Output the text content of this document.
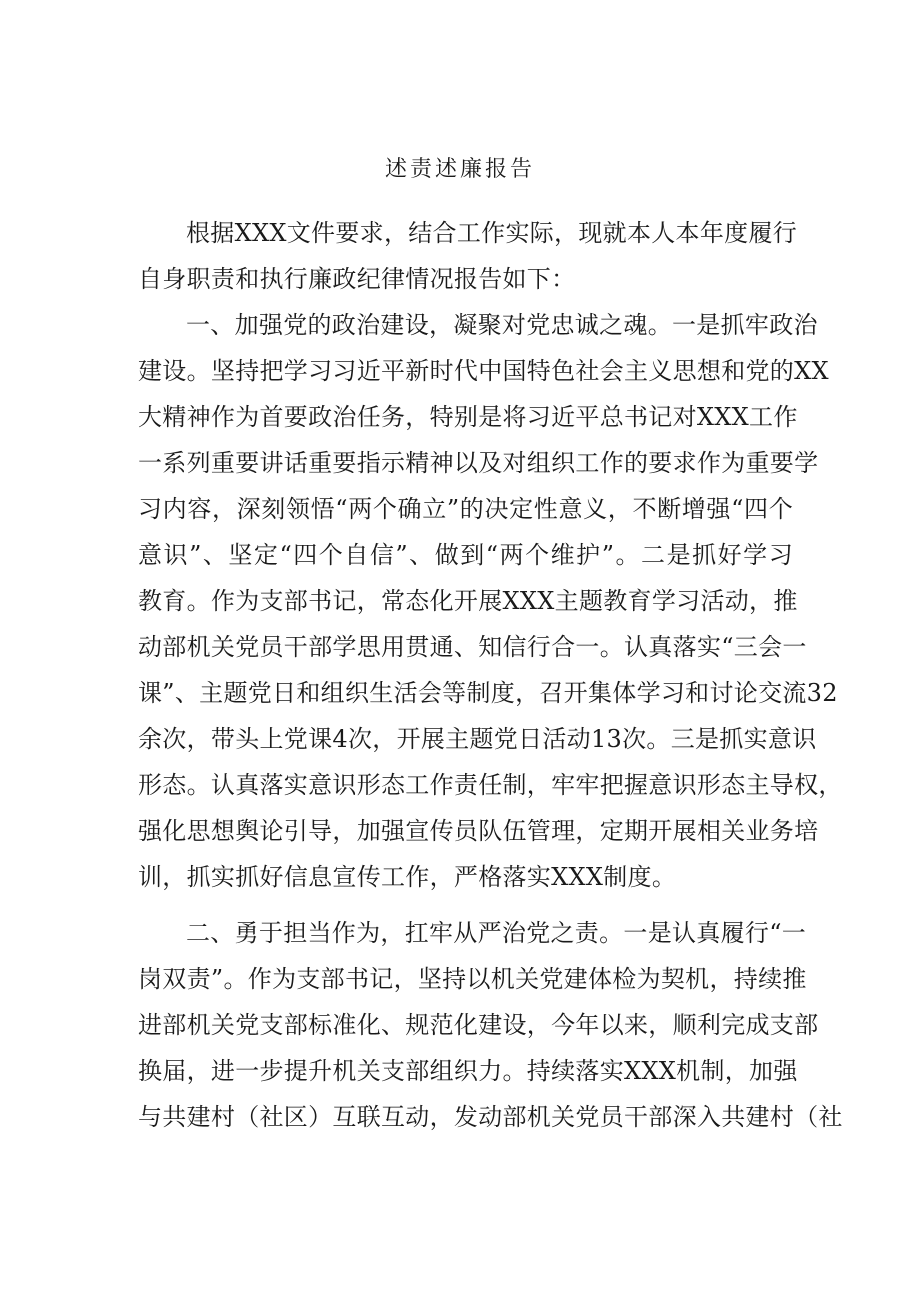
述责述廉报告
根据XXX文件要求，结合工作实际，现就本人本年度履行
自身职责和执行廉政纪律情况报告如下：
一、加强党的政治建设，凝聚对党忠诚之魂。一是抓牢政治
建设。坚持把学习习近平新时代中国特色社会主义思想和党的XX
大精神作为首要政治任务，特别是将习近平总书记对XXX工作
一系列重要讲话重要指示精神以及对组织工作的要求作为重要学
习内容，深刻领悟“两个确立”的决定性意义，不断增强“四个
意识”、坚定“四个自信”、做到“两个维护”。二是抓好学习
教育。作为支部书记，常态化开展XXX主题教育学习活动，推
动部机关党员干部学思用贯通、知信行合一。认真落实“三会一
课”、主题党日和组织生活会等制度，召开集体学习和讨论交流32
余次，带头上党课4次，开展主题党日活动13次。三是抓实意识
形态。认真落实意识形态工作责任制，牢牢把握意识形态主导权，
强化思想舆论引导，加强宣传员队伍管理，定期开展相关业务培
训，抓实抓好信息宣传工作，严格落实XXX制度。
二、勇于担当作为，扛牢从严治党之责。一是认真履行“一
岗双责”。作为支部书记，坚持以机关党建体检为契机，持续推
进部机关党支部标准化、规范化建设，今年以来，顺利完成支部
换届，进一步提升机关支部组织力。持续落实XXX机制，加强
与共建村（社区）互联互动，发动部机关党员干部深入共建村（社
